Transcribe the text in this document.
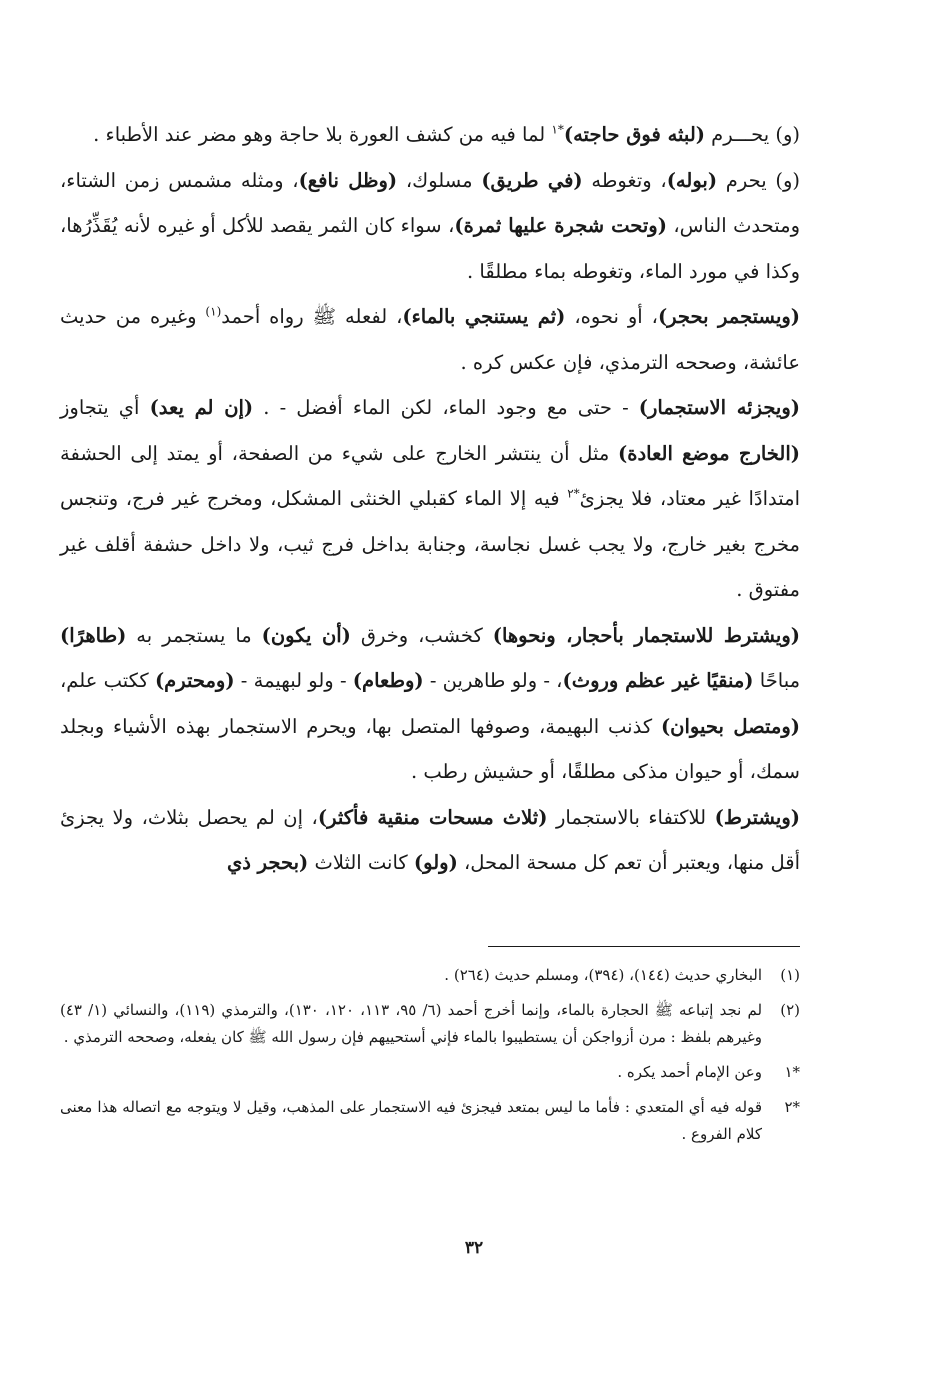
(و) يحـــرم (لبثه فوق حاجته)$^{*١}$ لما فيه من كشف العورة بلا حاجة وهو مضر عند الأطباء .

(و) يحرم (بوله)، وتغوطه (في طريق) مسلوك، (وظل نافع)، ومثله مشمس زمن الشتاء، ومتحدث الناس، (وتحت شجرة عليها ثمرة)، سواء كان الثمر يقصد للأكل أو غيره لأنه يُقَذِّرُها، وكذا في مورد الماء، وتغوطه بماء مطلقًا .

(ويستجمر بحجر)، أو نحوه، (ثم يستنجي بالماء)، لفعله ﷺ رواه أحمد$^{(١)}$ وغيره من حديث عائشة، وصححه الترمذي، فإن عكس كره .

(ويجزئه الاستجمار) - حتى مع وجود الماء، لكن الماء أفضل - . (إن لم يعد) أي يتجاوز (الخارج موضع العادة) مثل أن ينتشر الخارج على شيء من الصفحة، أو يمتد إلى الحشفة امتدادًا غير معتاد، فلا يجزئ$^{*٢}$ فيه إلا الماء كقبلي الخنثى المشكل، ومخرج غير فرج، وتنجس مخرج بغير خارج، ولا يجب غسل نجاسة، وجنابة بداخل فرج ثيب، ولا داخل حشفة أقلف غير مفتوق .

(ويشترط للاستجمار بأحجار، ونحوها) كخشب، وخرق (أن يكون) ما يستجمر به (طاهرًا) مباحًا (منقيًا غير عظم وروث)، - ولو طاهرين - (وطعام) - ولو لبهيمة - (ومحترم) ككتب علم، (ومتصل بحيوان) كذنب البهيمة، وصوفها المتصل بها، ويحرم الاستجمار بهذه الأشياء وبجلد سمك، أو حيوان مذكى مطلقًا، أو حشيش رطب .

(ويشترط) للاكتفاء بالاستجمار (ثلاث مسحات منقية فأكثر)، إن لم يحصل بثلاث، ولا يجزئ أقل منها، ويعتبر أن تعم كل مسحة المحل، (ولو) كانت الثلاث (بحجر ذي

(١)
البخاري حديث (١٤٤)، (٣٩٤)، ومسلم حديث (٢٦٤) .
(٢)
لم نجد إتباعه ﷺ الحجارة بالماء، وإنما أخرج أحمد (٦/ ٩٥، ١١٣، ١٢٠، ١٣٠)، والترمذي (١١٩)، والنسائي (١/ ٤٣) وغيرهم بلفظ : مرن أزواجكن أن يستطيبوا بالماء فإني أستحييهم فإن رسول الله ﷺ كان يفعله، وصححه الترمذي .
*١
وعن الإمام أحمد يكره .
*٢
قوله فيه أي المتعدي : فأما ما ليس بمتعد فيجزئ فيه الاستجمار على المذهب، وقيل لا ويتوجه مع اتصاله هذا معنى كلام الفروع .
٣٢
